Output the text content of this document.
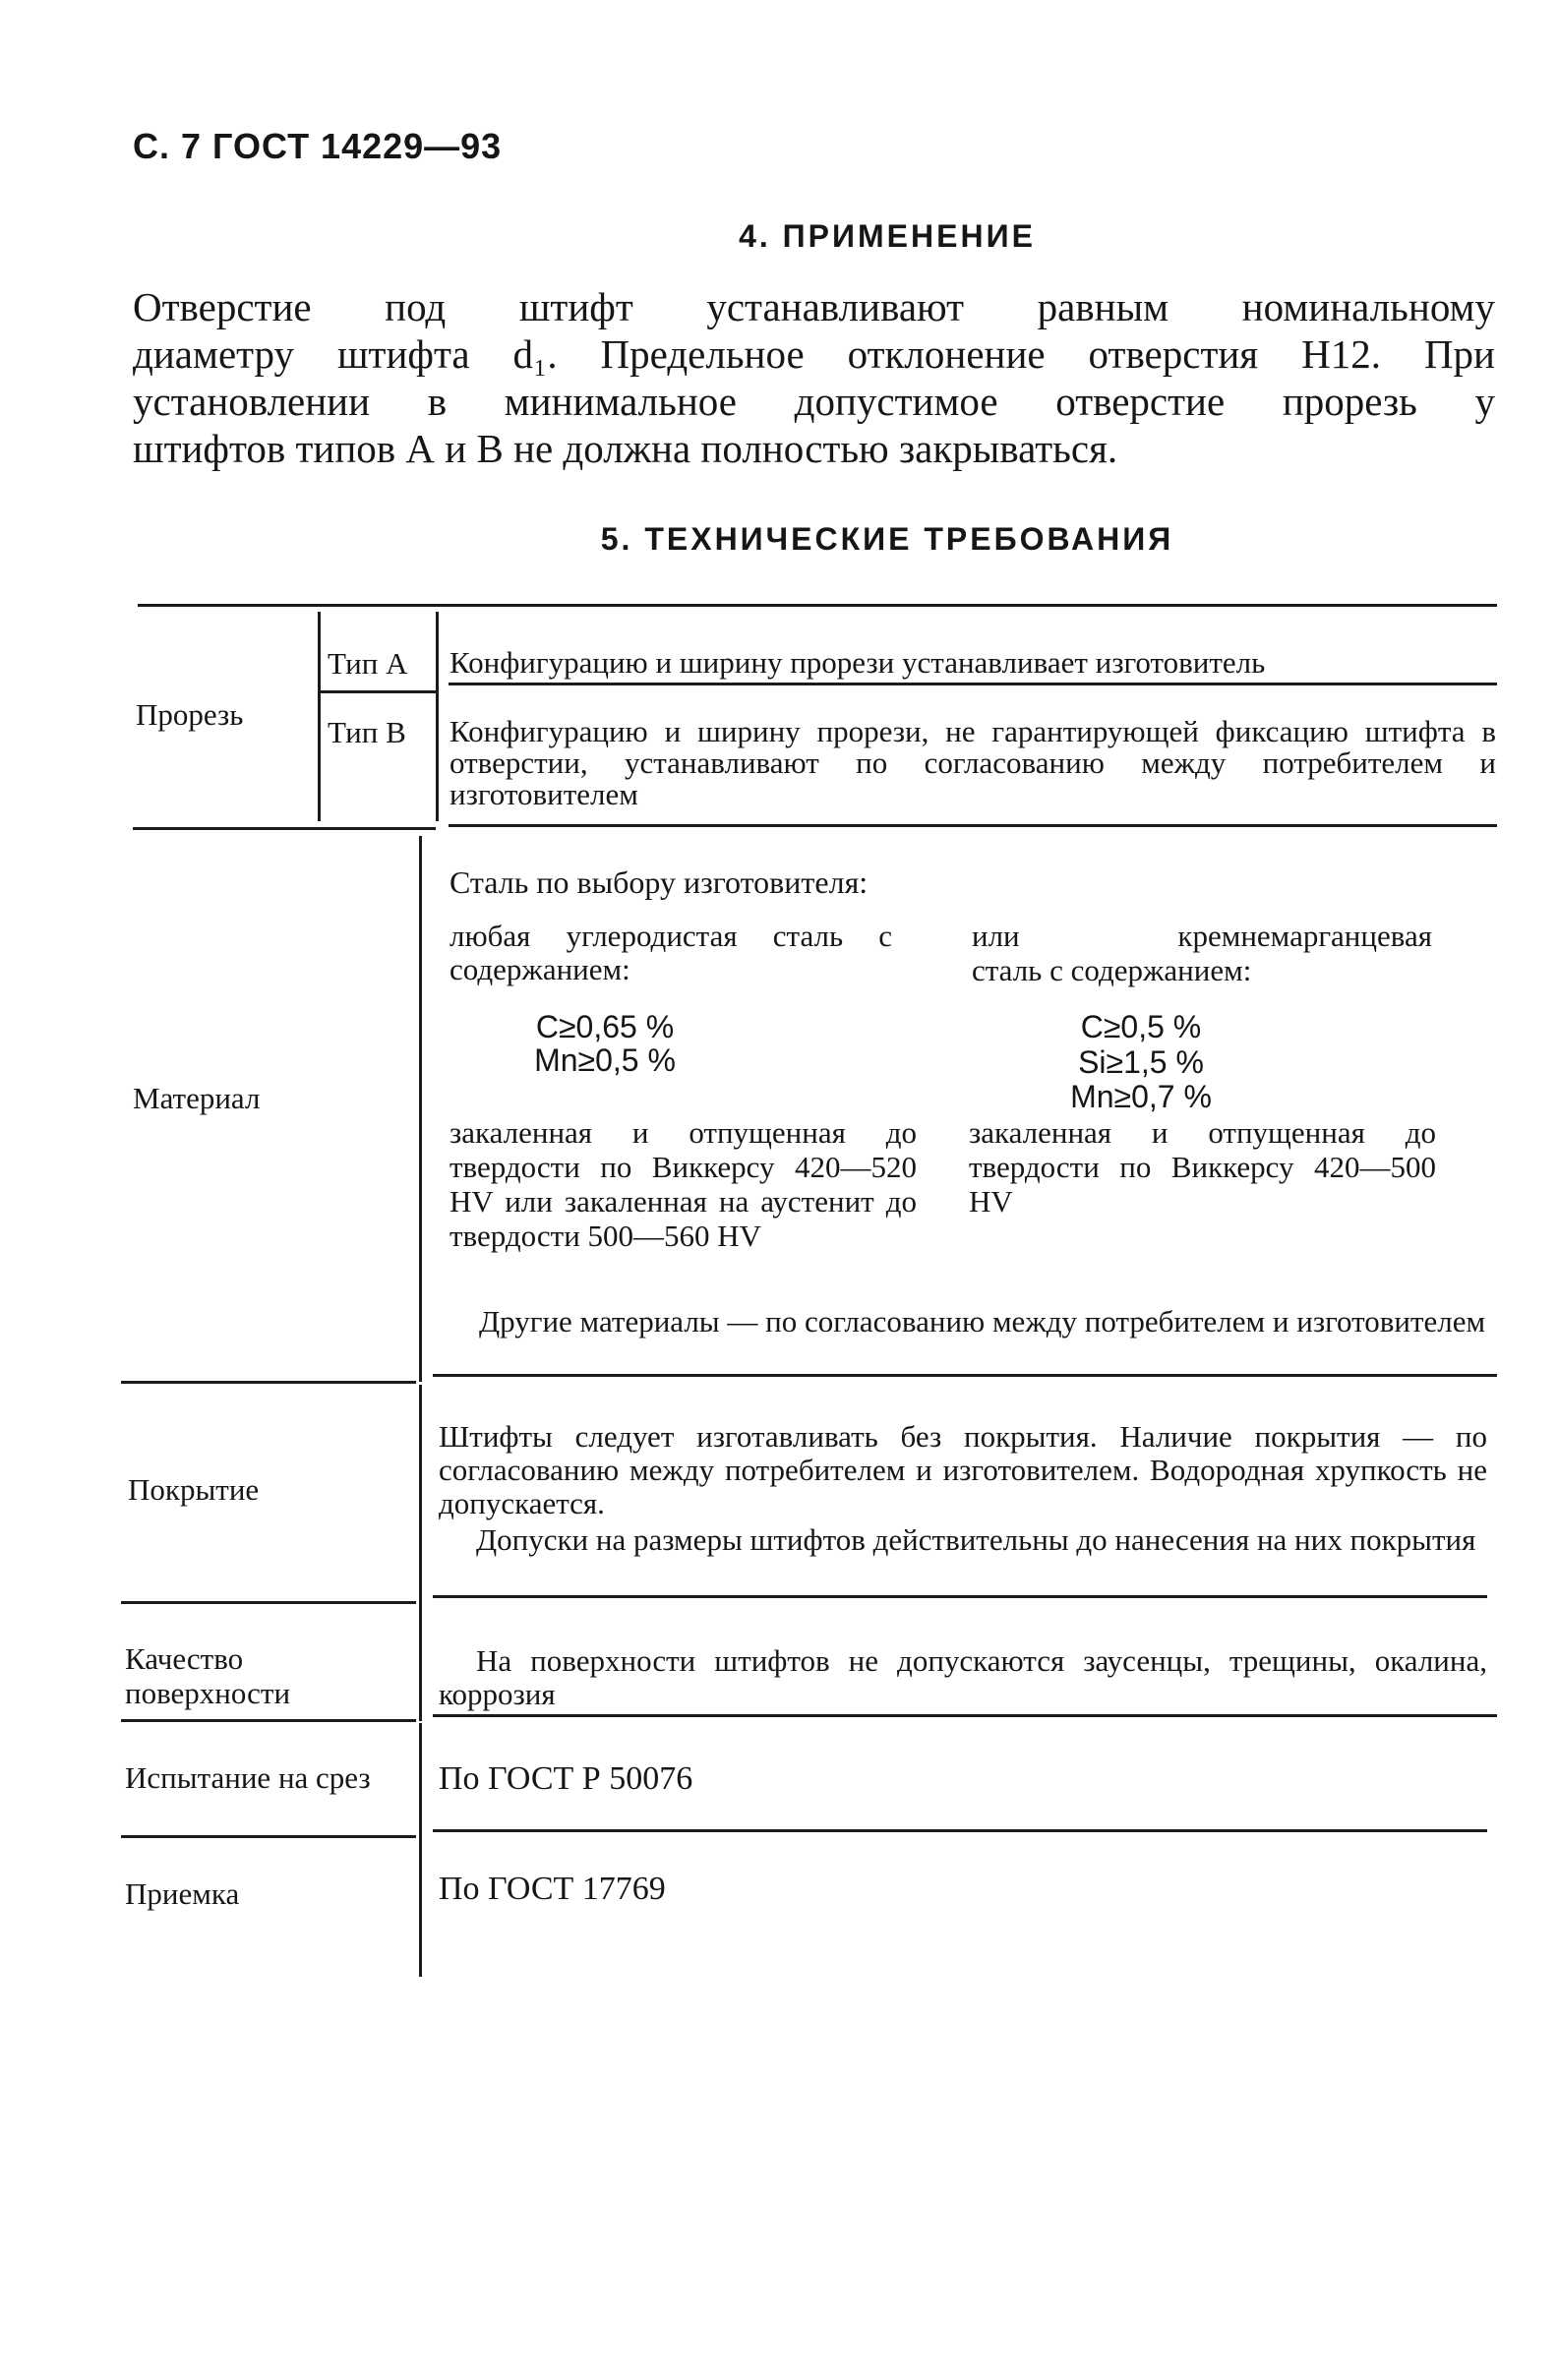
С. 7 ГОСТ 14229—93
4. ПРИМЕНЕНИЕ
Отверстие под штифт устанавливают равным номинальному
диаметру штифта d₁. Предельное отклонение отверстия H12. При
установлении в минимальное допустимое отверстие прорезь у
штифтов типов А и В не должна полностью закрываться.
5. ТЕХНИЧЕСКИЕ ТРЕБОВАНИЯ
Прорезь
Тип А
Тип В
Конфигурацию и ширину прорези устанавливает изготовитель
Конфигурацию и ширину прорези, не гарантирующей фиксацию штифта в отверстии, устанавливают по согласованию между потребителем и изготовителем
Материал
Сталь по выбору изготовителя:
любая углеродистая сталь с содержанием:
C≥0,65 %
Mn≥0,5 %
закаленная и отпущенная до твердости по Виккерсу 420—520 HV или закаленная на аустенит до твердости 500—560 HV
или кремнемарганцевая
сталь с содержанием:
C≥0,5 %
Si≥1,5 %
Mn≥0,7 %
закаленная и отпущенная до твердости по Виккерсу 420—500 HV
Другие материалы — по согласованию между потребителем и изготовителем
Покрытие
Штифты следует изготавливать без покрытия. Наличие покрытия — по согласованию между потребителем и изготовителем. Водородная хрупкость не допускается.
Допуски на размеры штифтов действительны до нанесения на них покрытия
Качество поверхности
На поверхности штифтов не допускаются заусенцы, трещины, окалина, коррозия
Испытание на срез	По ГОСТ Р 50076
Приемка	По ГОСТ 17769
